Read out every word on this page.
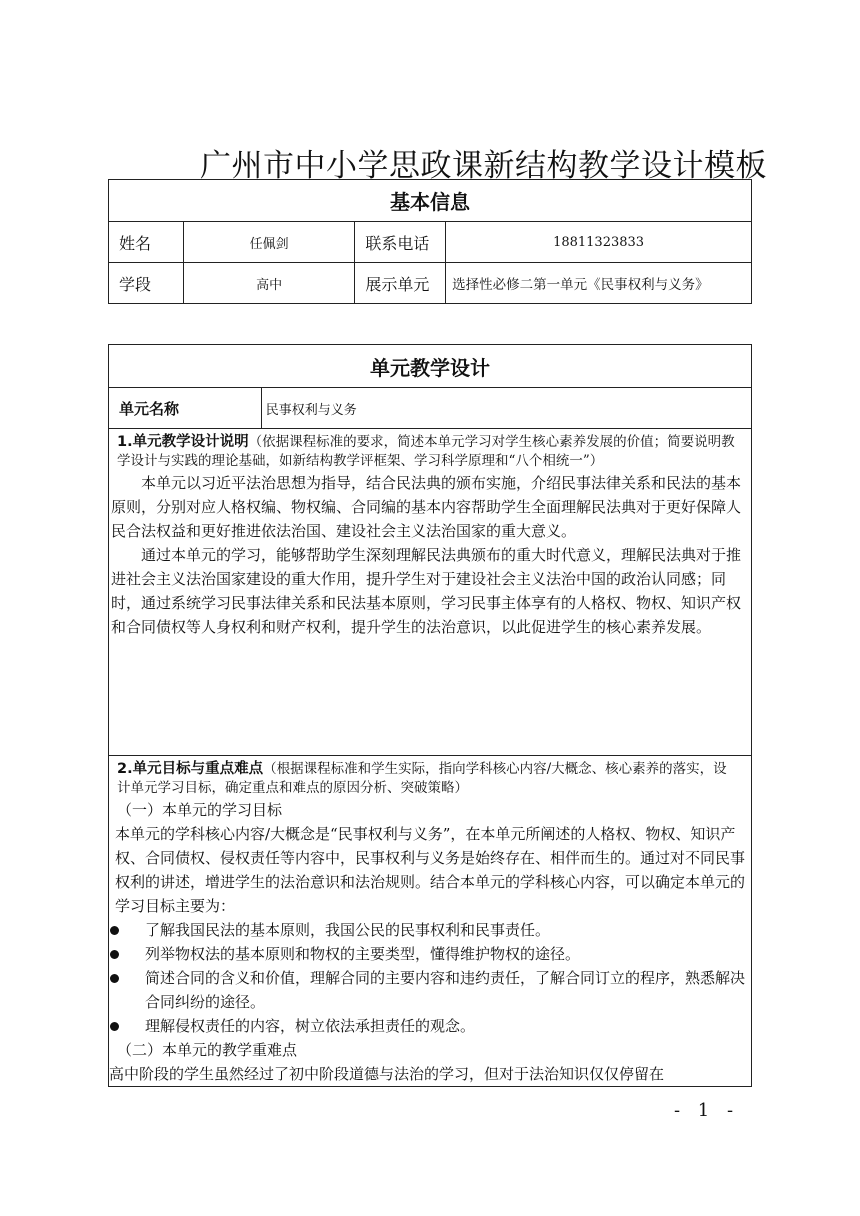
广州市中小学思政课新结构教学设计模板
基本信息			
姓名	任佩剑	联系电话	18811323833
学段	高中	展示单元	选择性必修二第一单元《民事权利与义务》
单元教学设计
单元名称	民事权利与义务

1.单元教学设计说明（依据课程标准的要求，简述本单元学习对学生核心素养发展的价值；简要说明教学设计与实践的理论基础，如新结构教学评框架、学习科学原理和“八个相统一”）

本单元以习近平法治思想为指导，结合民法典的颁布实施，介绍民事法律关系和民法的基本原则，分别对应人格权编、物权编、合同编的基本内容帮助学生全面理解民法典对于更好保障人民合法权益和更好推进依法治国、建设社会主义法治国家的重大意义。

通过本单元的学习，能够帮助学生深刻理解民法典颁布的重大时代意义，理解民法典对于推进社会主义法治国家建设的重大作用，提升学生对于建设社会主义法治中国的政治认同感；同时，通过系统学习民事法律关系和民法基本原则，学习民事主体享有的人格权、物权、知识产权和合同债权等人身权利和财产权利，提升学生的法治意识，以此促进学生的核心素养发展。

2.单元目标与重点难点（根据课程标准和学生实际，指向学科核心内容/大概念、核心素养的落实，设计单元学习目标，确定重点和难点的原因分析、突破策略）
（一）本单元的学习目标

本单元的学科核心内容/大概念是“民事权利与义务”，在本单元所阐述的人格权、物权、知识产权、合同债权、侵权责任等内容中，民事权利与义务是始终存在、相伴而生的。通过对不同民事权利的讲述，增进学生的法治意识和法治规则。结合本单元的学科核心内容，可以确定本单元的学习目标主要为：

了解我国民法的基本原则，我国公民的民事权利和民事责任。
列举物权法的基本原则和物权的主要类型，懂得维护物权的途径。
简述合同的含义和价值，理解合同的主要内容和违约责任，了解合同订立的程序，熟悉解决合同纠纷的途径。
理解侵权责任的内容，树立依法承担责任的观念。
（二）本单元的教学重难点
高中阶段的学生虽然经过了初中阶段道德与法治的学习，但对于法治知识仅仅停留在
- 1 -
